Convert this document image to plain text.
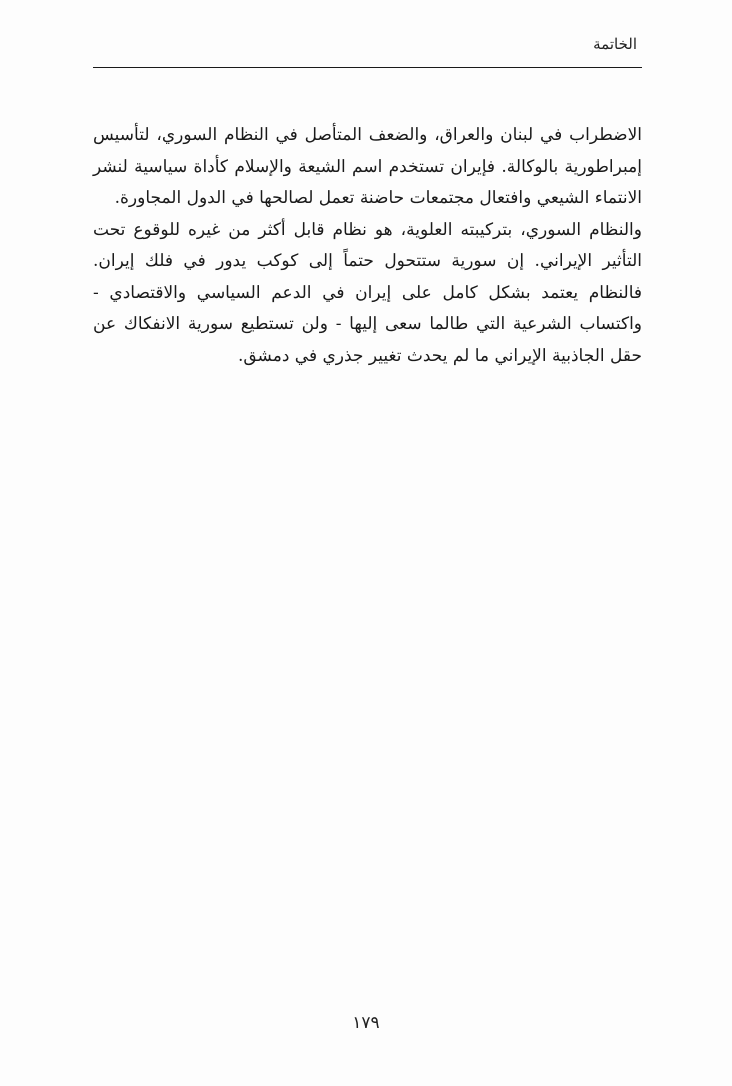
الخاتمة

الاضطراب في لبنان والعراق، والضعف المتأصل في النظام السوري، لتأسيس إمبراطورية بالوكالة. فإيران تستخدم اسم الشيعة والإسلام كأداة سياسية لنشر الانتماء الشيعي وافتعال مجتمعات حاضنة تعمل لصالحها في الدول المجاورة.

والنظام السوري، بتركيبته العلوية، هو نظام قابل أكثر من غيره للوقوع تحت التأثير الإيراني. إن سورية ستتحول حتماً إلى كوكب يدور في فلك إيران. فالنظام يعتمد بشكل كامل على إيران في الدعم السياسي والاقتصادي - واكتساب الشرعية التي طالما سعى إليها - ولن تستطيع سورية الانفكاك عن حقل الجاذبية الإيراني ما لم يحدث تغيير جذري في دمشق.

١٧٩
